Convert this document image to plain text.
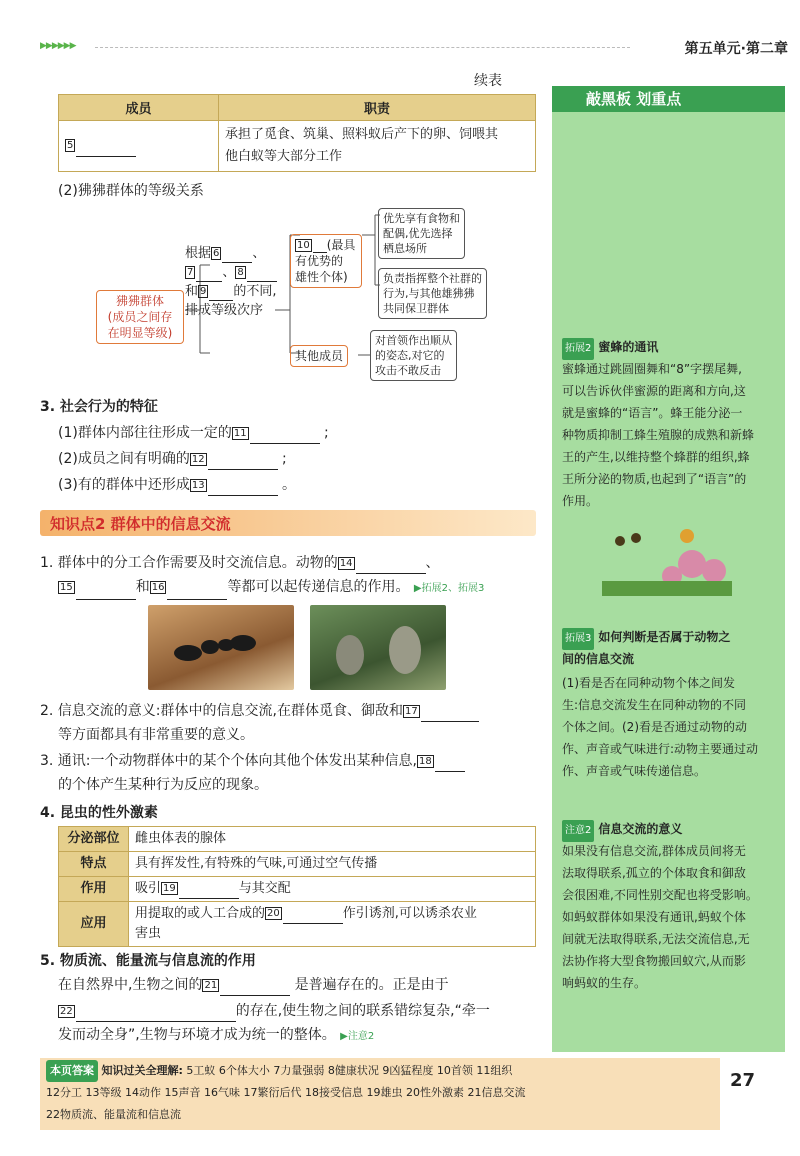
▶▶▶▶▶▶	第五单元·第二章
续表
成员	职责
5	承担了觅食、筑巢、照料蚁后产下的卵、饲喂其
他白蚁等大部分工作
(2)狒狒群体的等级关系
狒狒群体
(成员之间存
在明显等级)
根据 6	、
7 、 8
和 9 的不同,
排成等级次序
10 (最具
有优势的
雄性个体)
优先享有食物和
配偶,优先选择
栖息场所
负责指挥整个社群的
行为,与其他雄狒狒
共同保卫群体
其他成员
对首领作出顺从
的姿态,对它的
攻击不敢反击
3. 社会行为的特征
(1)群体内部往往形成一定的 11	;
(2)成员之间有明确的 12	;
(3)有的群体中还形成 13	。
知识点2 群体中的信息交流
1. 群体中的分工合作需要及时交流信息。动物的 14	、
15	和 16	等都可以起传递信息的作用。 ▶拓展2、拓展3
2. 信息交流的意义:群体中的信息交流,在群体觅食、御敌和 17
等方面都具有非常重要的意义。
3. 通讯:一个动物群体中的某个个体向其他个体发出某种信息, 18
的个体产生某种行为反应的现象。
4. 昆虫的性外激素
分泌部位	雌虫体表的腺体
特点	具有挥发性,有特殊的气味,可通过空气传播
作用	吸引 19 与其交配
应用	用提取的或人工合成的 20 作引诱剂,可以诱杀农业
害虫
5. 物质流、能量流与信息流的作用
在自然界中,生物之间的 21	是普遍存在的。正是由于
22	的存在,使生物之间的联系错综复杂,“牵一
发而动全身”,生物与环境才成为统一的整体。 ▶注意2
敲黑板 划重点
拓展2 蜜蜂的通讯
蜜蜂通过跳圆圈舞和“8”字摆尾舞,
可以告诉伙伴蜜源的距离和方向,这
就是蜜蜂的“语言”。蜂王能分泌一
种物质抑制工蜂生殖腺的成熟和新蜂
王的产生,以维持整个蜂群的组织,蜂
王所分泌的物质,也起到了“语言”的
作用。
拓展3 如何判断是否属于动物之
间的信息交流
(1)看是否在同种动物个体之间发
生:信息交流发生在同种动物的不同
个体之间。(2)看是否通过动物的动
作、声音或气味进行:动物主要通过动
作、声音或气味传递信息。
注意2 信息交流的意义
如果没有信息交流,群体成员间将无
法取得联系,孤立的个体取食和御敌
会很困难,不同性别交配也将受影响。
如蚂蚁群体如果没有通讯,蚂蚁个体
间就无法取得联系,无法交流信息,无
法协作将大型食物搬回蚁穴,从而影
响蚂蚁的生存。
本页答案 知识过关全理解: 5工蚁 6个体大小 7力量强弱 8健康状况 9凶猛程度 10首领 11组织
12分工 13等级 14动作 15声音 16气味 17繁衍后代 18接受信息 19雄虫 20性外激素 21信息交流
22物质流、能量流和信息流
27
